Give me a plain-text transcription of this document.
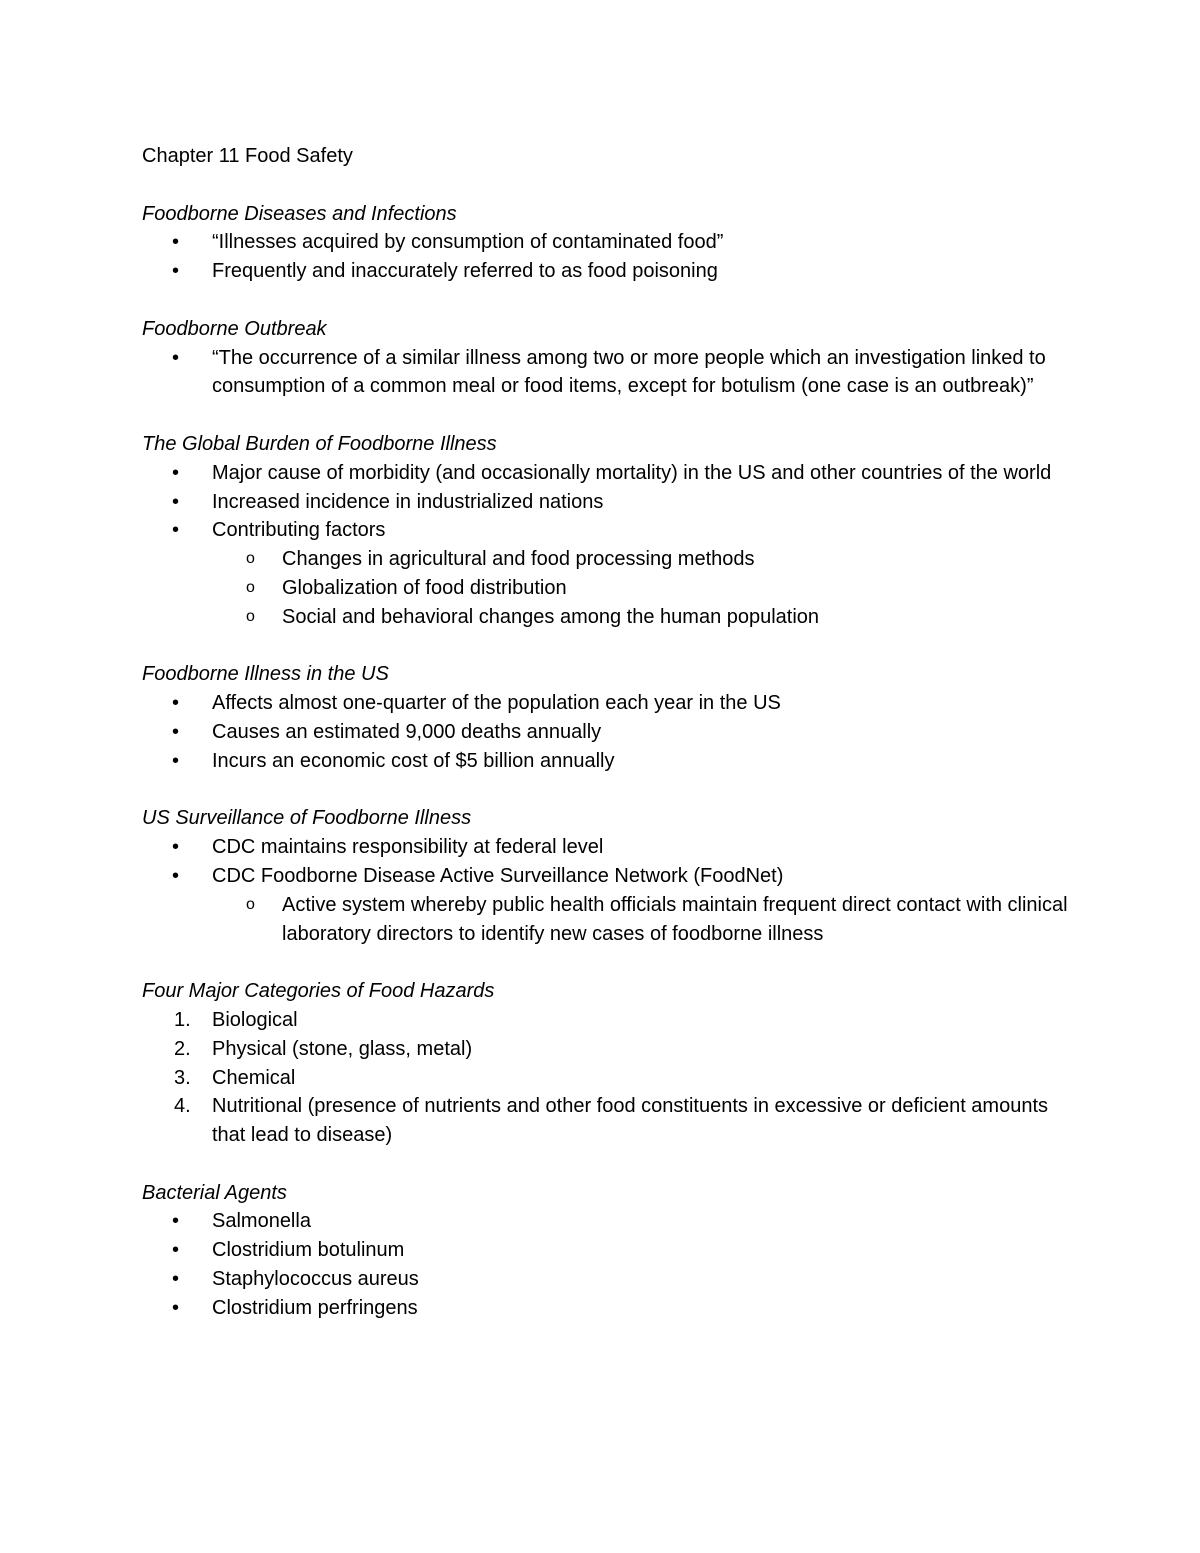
Chapter 11 Food Safety
Foodborne Diseases and Infections
•	“Illnesses acquired by consumption of contaminated food”
•	Frequently and inaccurately referred to as food poisoning
Foodborne Outbreak
•	“The occurrence of a similar illness among two or more people which an investigation linked to consumption of a common meal or food items, except for botulism (one case is an outbreak)”
The Global Burden of Foodborne Illness
•	Major cause of morbidity (and occasionally mortality) in the US and other countries of the world
•	Increased incidence in industrialized nations
•	Contributing factors
o	Changes in agricultural and food processing methods
o	Globalization of food distribution
o	Social and behavioral changes among the human population
Foodborne Illness in the US
•	Affects almost one-quarter of the population each year in the US
•	Causes an estimated 9,000 deaths annually
•	Incurs an economic cost of $5 billion annually
US Surveillance of Foodborne Illness
•	CDC maintains responsibility at federal level
•	CDC Foodborne Disease Active Surveillance Network (FoodNet)
o	Active system whereby public health officials maintain frequent direct contact with clinical laboratory directors to identify new cases of foodborne illness
Four Major Categories of Food Hazards
1. Biological
2. Physical (stone, glass, metal)
3. Chemical
4. Nutritional (presence of nutrients and other food constituents in excessive or deficient amounts that lead to disease)
Bacterial Agents
•	Salmonella
•	Clostridium botulinum
•	Staphylococcus aureus
•	Clostridium perfringens
